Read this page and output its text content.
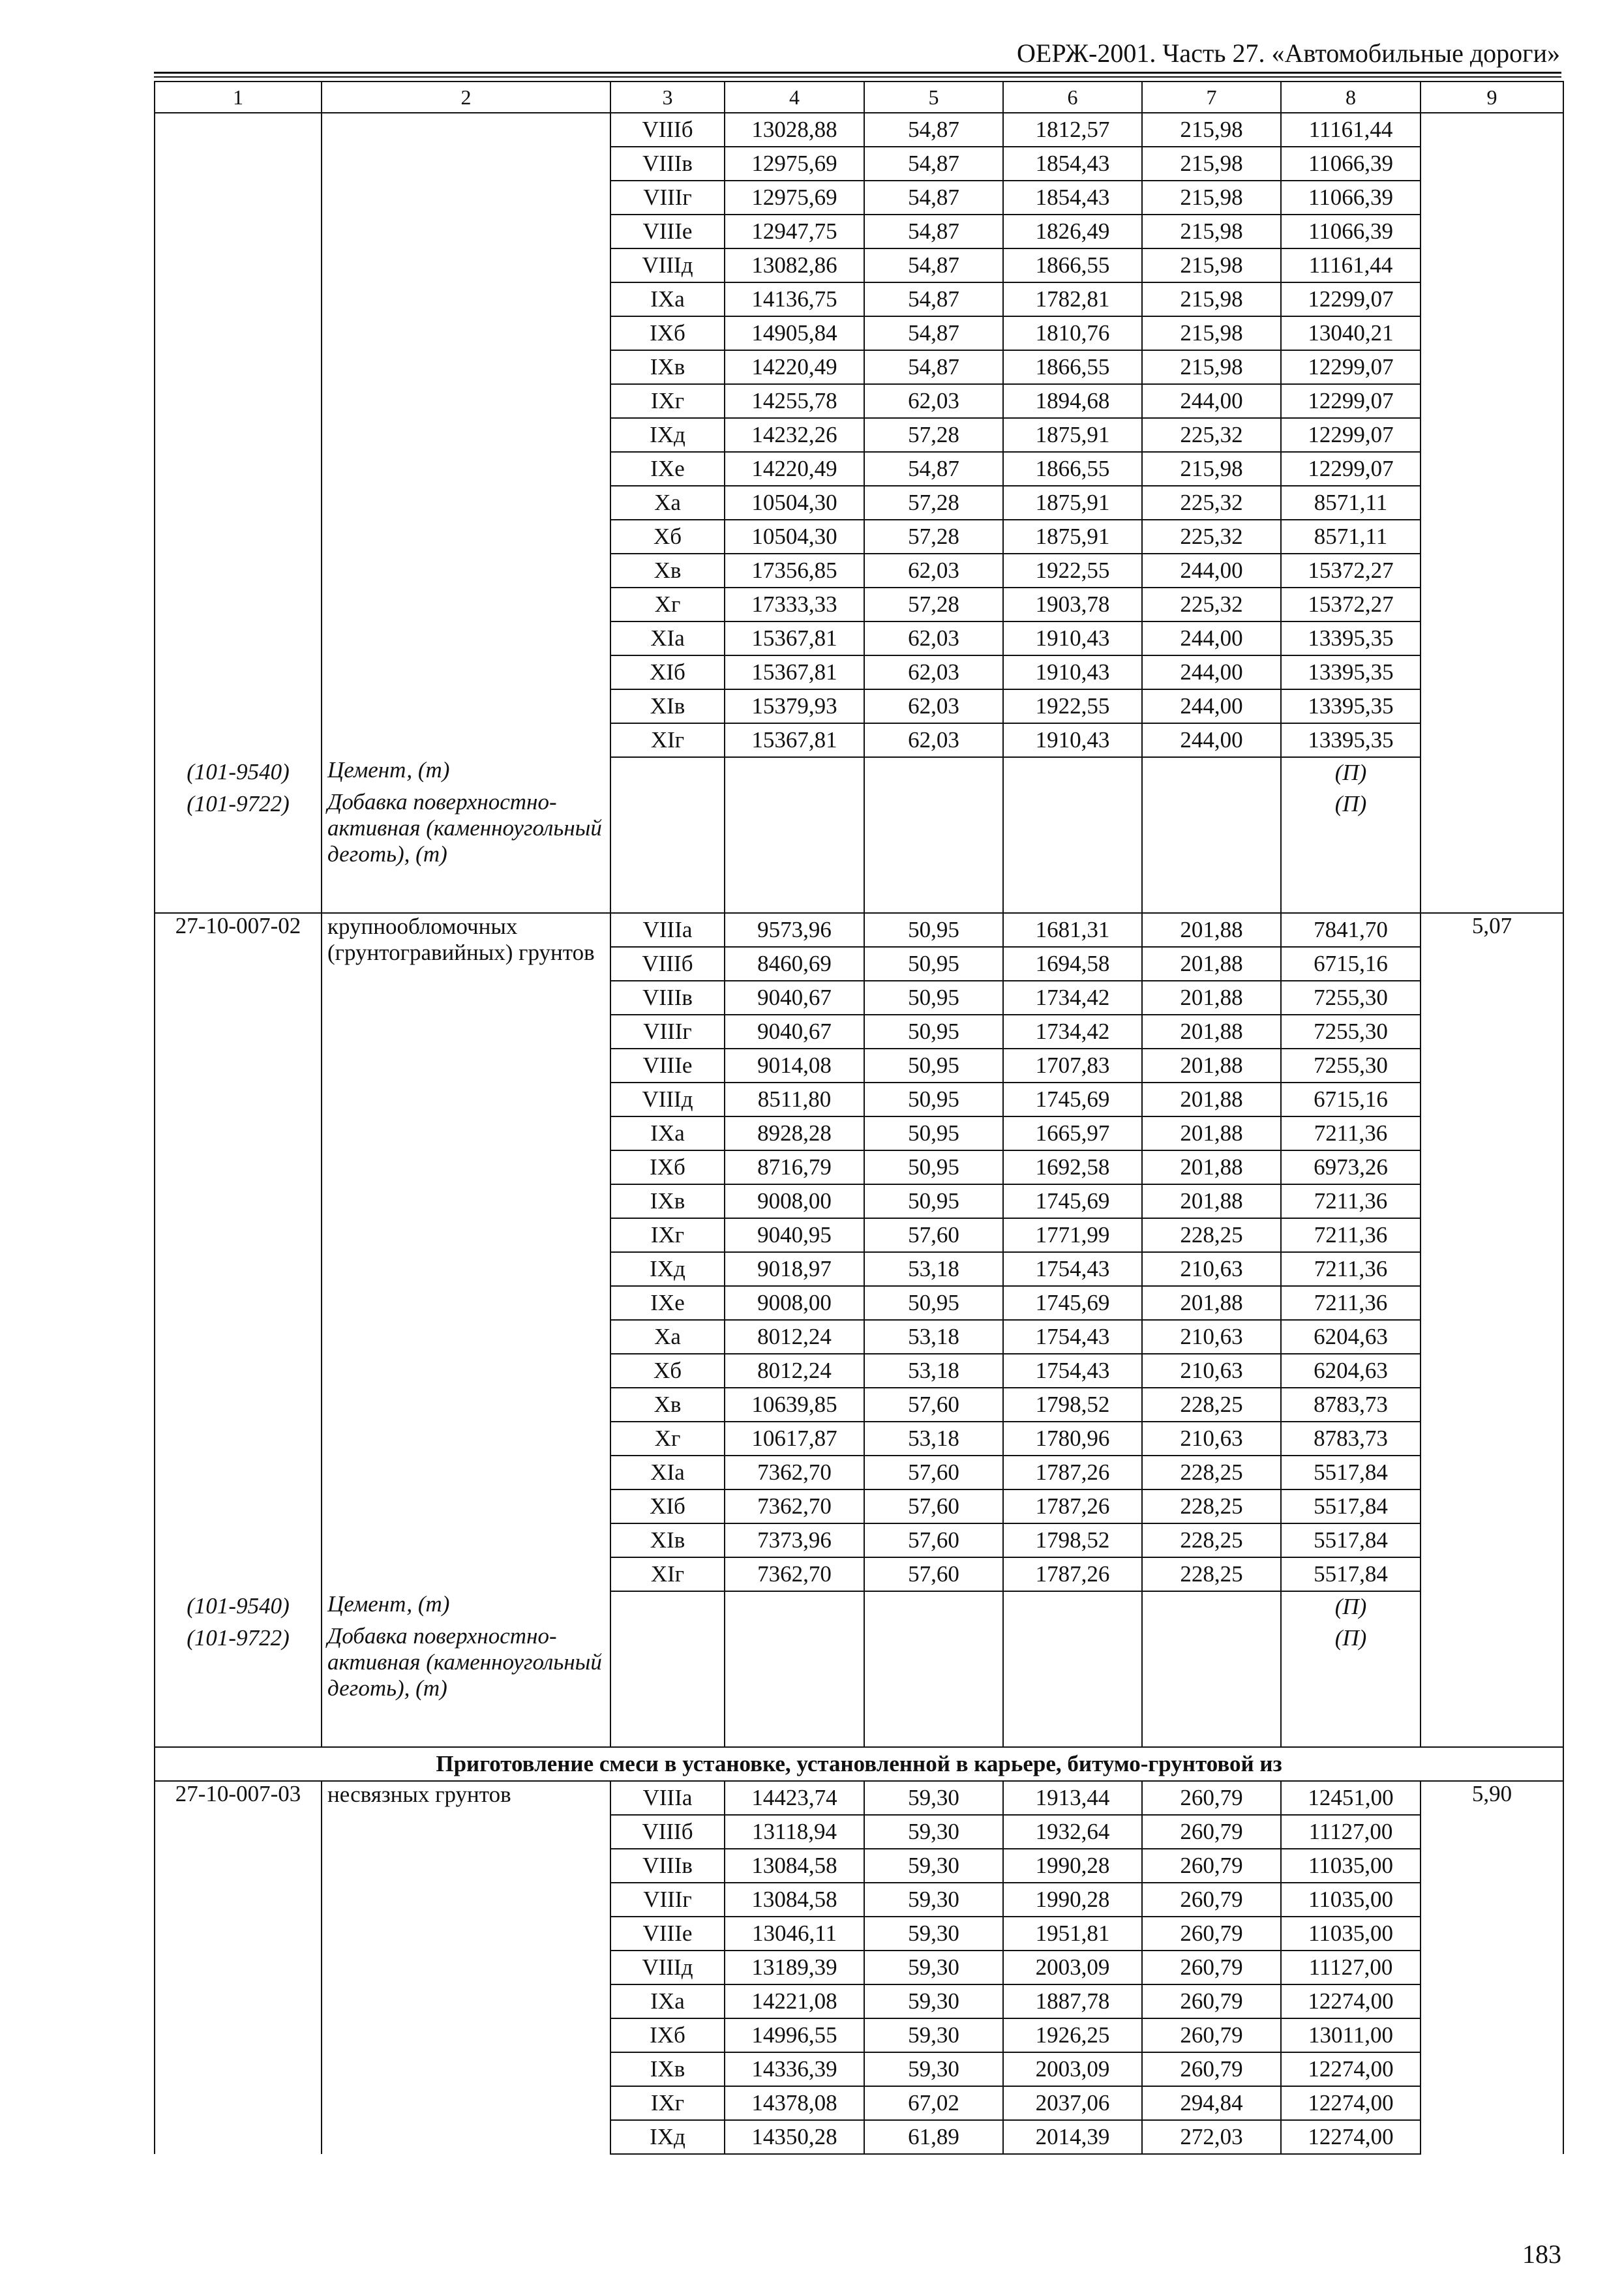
ОЕРЖ-2001. Часть 27. «Автомобильные дороги»
1	2	3	4	5	6	7	8	9
		VIIIб	13028,88	54,87	1812,57	215,98	11161,44	
		VIIIв	12975,69	54,87	1854,43	215,98	11066,39	
		VIIIг	12975,69	54,87	1854,43	215,98	11066,39	
		VIIIе	12947,75	54,87	1826,49	215,98	11066,39	
		VIIIд	13082,86	54,87	1866,55	215,98	11161,44	
		IXа	14136,75	54,87	1782,81	215,98	12299,07	
		IXб	14905,84	54,87	1810,76	215,98	13040,21	
		IXв	14220,49	54,87	1866,55	215,98	12299,07	
		IXг	14255,78	62,03	1894,68	244,00	12299,07	
		IXд	14232,26	57,28	1875,91	225,32	12299,07	
		IXе	14220,49	54,87	1866,55	215,98	12299,07	
		Xа	10504,30	57,28	1875,91	225,32	8571,11	
		Xб	10504,30	57,28	1875,91	225,32	8571,11	
		Xв	17356,85	62,03	1922,55	244,00	15372,27	
		Xг	17333,33	57,28	1903,78	225,32	15372,27	
		XIа	15367,81	62,03	1910,43	244,00	13395,35	
		XIб	15367,81	62,03	1910,43	244,00	13395,35	
		XIв	15379,93	62,03	1922,55	244,00	13395,35	
		XIг	15367,81	62,03	1910,43	244,00	13395,35	
(101-9540)	Цемент, (т)						(П)	
(101-9722)	Добавка поверхностно-активная (каменноугольный деготь), (т)						(П)	
27-10-007-02	крупнообломочных (грунтогравийных) грунтов	VIIIа	9573,96	50,95	1681,31	201,88	7841,70	5,07
		VIIIб	8460,69	50,95	1694,58	201,88	6715,16	
		VIIIв	9040,67	50,95	1734,42	201,88	7255,30	
		VIIIг	9040,67	50,95	1734,42	201,88	7255,30	
		VIIIе	9014,08	50,95	1707,83	201,88	7255,30	
		VIIIд	8511,80	50,95	1745,69	201,88	6715,16	
		IXа	8928,28	50,95	1665,97	201,88	7211,36	
		IXб	8716,79	50,95	1692,58	201,88	6973,26	
		IXв	9008,00	50,95	1745,69	201,88	7211,36	
		IXг	9040,95	57,60	1771,99	228,25	7211,36	
		IXд	9018,97	53,18	1754,43	210,63	7211,36	
		IXе	9008,00	50,95	1745,69	201,88	7211,36	
		Xа	8012,24	53,18	1754,43	210,63	6204,63	
		Xб	8012,24	53,18	1754,43	210,63	6204,63	
		Xв	10639,85	57,60	1798,52	228,25	8783,73	
		Xг	10617,87	53,18	1780,96	210,63	8783,73	
		XIа	7362,70	57,60	1787,26	228,25	5517,84	
		XIб	7362,70	57,60	1787,26	228,25	5517,84	
		XIв	7373,96	57,60	1798,52	228,25	5517,84	
		XIг	7362,70	57,60	1787,26	228,25	5517,84	
(101-9540)	Цемент, (т)						(П)	
(101-9722)	Добавка поверхностно-активная (каменноугольный деготь), (т)						(П)	
Приготовление смеси в установке, установленной в карьере, битумо-грунтовой из								
27-10-007-03	несвязных грунтов	VIIIа	14423,74	59,30	1913,44	260,79	12451,00	5,90
		VIIIб	13118,94	59,30	1932,64	260,79	11127,00	
		VIIIв	13084,58	59,30	1990,28	260,79	11035,00	
		VIIIг	13084,58	59,30	1990,28	260,79	11035,00	
		VIIIе	13046,11	59,30	1951,81	260,79	11035,00	
		VIIIд	13189,39	59,30	2003,09	260,79	11127,00	
		IXа	14221,08	59,30	1887,78	260,79	12274,00	
		IXб	14996,55	59,30	1926,25	260,79	13011,00	
		IXв	14336,39	59,30	2003,09	260,79	12274,00	
		IXг	14378,08	67,02	2037,06	294,84	12274,00	
		IXд	14350,28	61,89	2014,39	272,03	12274,00	
183
